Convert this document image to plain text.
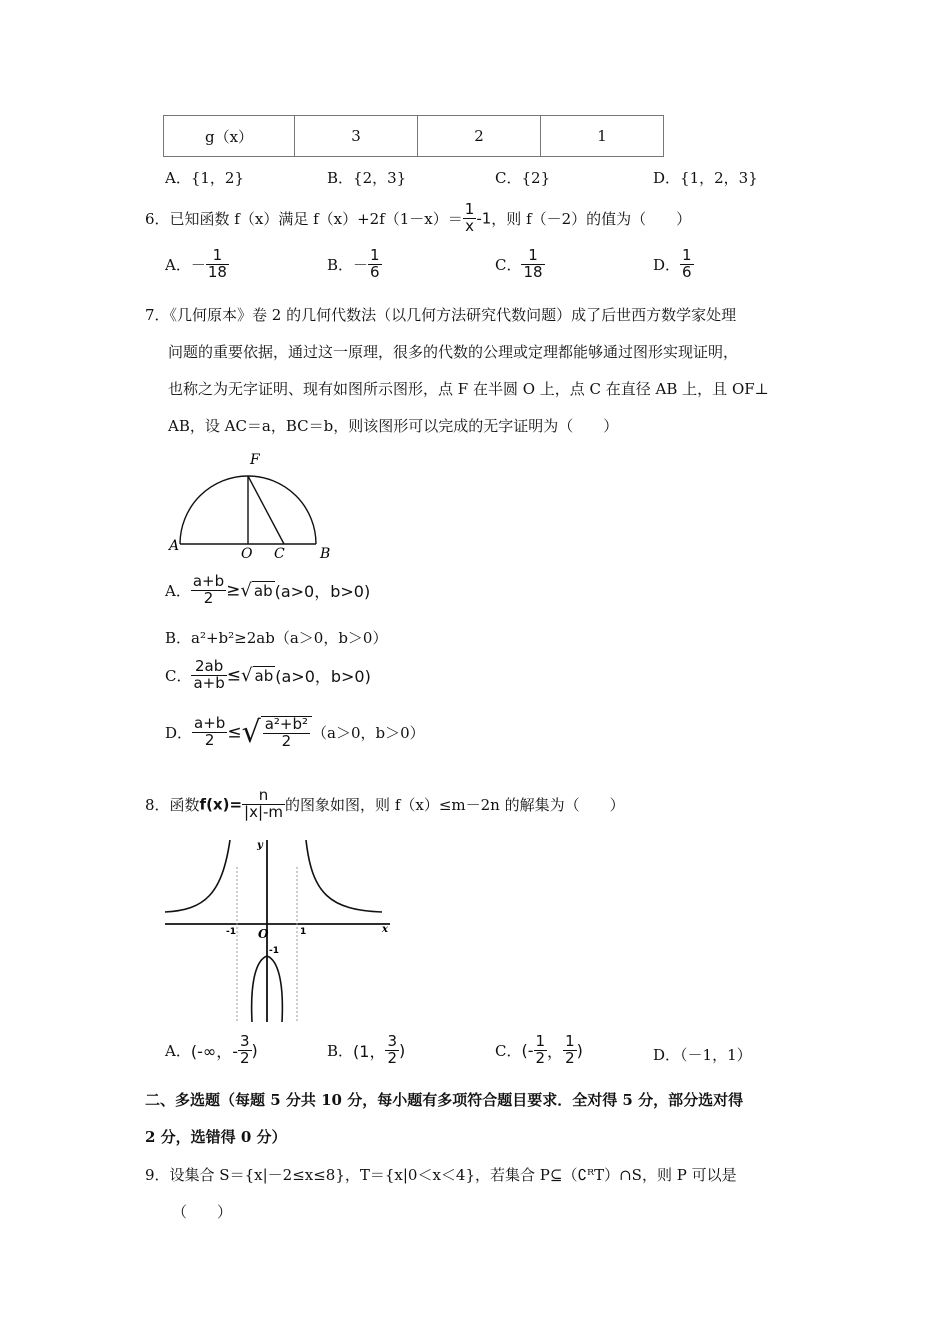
g（x）	3	2	1
A．{1，2}	B．{2，3}	C．{2}	D．{1，2，3}
6．已知函数 f（x）满足 $f(x)+2f(1-x)= \frac{1}{x} -1$，则 f（－2）的值为（　　）
A．－ $\frac{1}{18}$	B．－ $\frac{1}{6}$	C． $\frac{1}{18}$	D． $\frac{1}{6}$
7．《几何原本》卷 2 的几何代数法（以几何方法研究代数问题）成了后世西方数学家处理
问题的重要依据，通过这一原理，很多的代数的公理或定理都能够通过图形实现证明，
也称之为无字证明、现有如图所示图形，点 F 在半圆 O 上，点 C 在直径 AB 上，且 OF⊥
AB，设 AC＝a，BC＝b，则该图形可以完成的无字证明为（　　）
F
A	O C	B
A． $\frac{a+b}{2}$ ≥√ ab (a>0，b>0)
B．a²+b²≥2ab（a＞0，b＞0）
C． $\frac{2ab}{a+b}$ ≤√ ab (a>0，b>0)
D． $\frac{a+b}{2}$ ≤√ $\frac{\text{a²+b²}}{2} (a>0$，b＞0）
8．函数$f(x)= \frac{n}{|x|-m}$ 的图象如图，则 f（x）≤m－2n 的解集为（　　）
y
x
O
-1	1
-1
A．(-∞，- $\frac{3}{2}$ )	B．(1， $\frac{3}{2}$ )	C．(- $\frac{1}{2}$ ， $\frac{1}{2}$ )	D．（－1，1）
二、多选题（每题 5 分共 10 分，每小题有多项符合题目要求．全对得 5 分，部分选对得
2 分，选错得 0 分）
9．设集合 S＝{x|－2≤x≤8}，T＝{x|0＜x＜4}，若集合 P⊆（∁ᴿT）∩S，则 P 可以是
（　　）
